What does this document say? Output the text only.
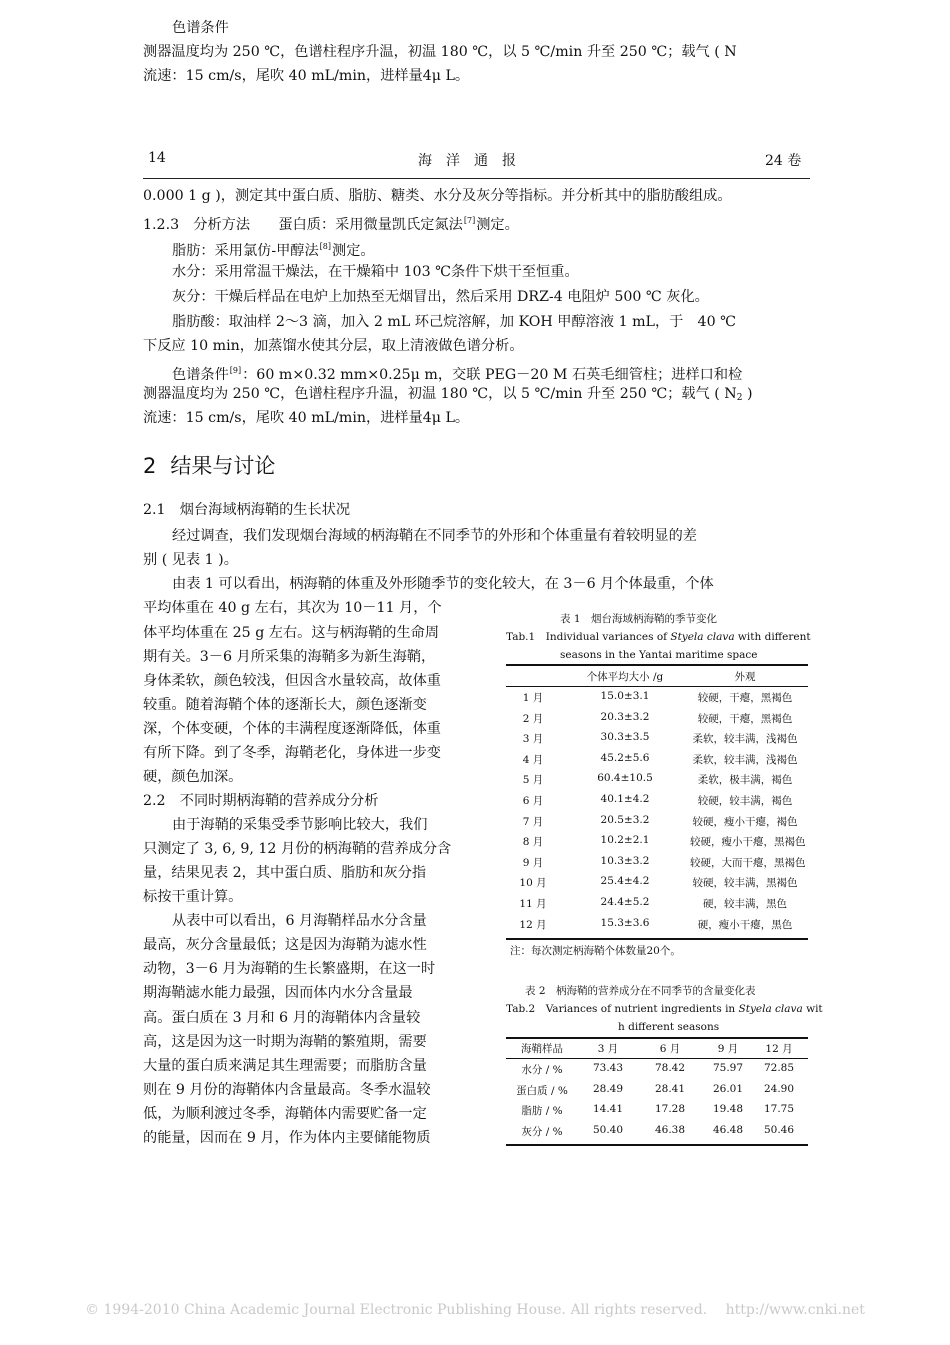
色谱条件
测器温度均为 250 ℃，色谱柱程序升温，初温 180 ℃，以 5 ℃/min 升至 250 ℃；载气 ( N
流速：15 cm/s，尾吹 40 mL/min，进样量4μ L。
14	海　洋　通　报	24 卷
0.000 1 g )，测定其中蛋白质、脂肪、糖类、水分及灰分等指标。并分析其中的脂肪酸组成。
1.2.3　分析方法　　蛋白质：采用微量凯氏定氮法[7]测定。
脂肪：采用氯仿-甲醇法[8]测定。
水分：采用常温干燥法，在干燥箱中 103 ℃条件下烘干至恒重。
灰分：干燥后样品在电炉上加热至无烟冒出，然后采用 DRZ-4 电阻炉 500 ℃ 灰化。
脂肪酸：取油样 2～3 滴，加入 2 mL 环己烷溶解，加 KOH 甲醇溶液 1 mL，于　40 ℃
下反应 10 min，加蒸馏水使其分层，取上清液做色谱分析。
色谱条件[9]：60 m×0.32 mm×0.25μ m，交联 PEG－20 M 石英毛细管柱；进样口和检
测器温度均为 250 ℃，色谱柱程序升温，初温 180 ℃，以 5 ℃/min 升至 250 ℃；载气 ( $N_2$ )
流速：15 cm/s，尾吹 40 mL/min，进样量4μ L。
2 结果与讨论
2.1　烟台海域柄海鞘的生长状况
经过调查，我们发现烟台海域的柄海鞘在不同季节的外形和个体重量有着较明显的差
别 ( 见表 1 )。
由表 1 可以看出，柄海鞘的体重及外形随季节的变化较大，在 3－6 月个体最重，个体
平均体重在 40 g 左右，其次为 10－11 月，个
体平均体重在 25 g 左右。这与柄海鞘的生命周
期有关。3－6 月所采集的海鞘多为新生海鞘，
身体柔软，颜色较浅，但因含水量较高，故体重
较重。随着海鞘个体的逐渐长大，颜色逐渐变
深，个体变硬，个体的丰满程度逐渐降低，体重
有所下降。到了冬季，海鞘老化，身体进一步变
硬，颜色加深。
2.2　不同时期柄海鞘的营养成分分析
由于海鞘的采集受季节影响比较大，我们
只测定了 3, 6, 9, 12 月份的柄海鞘的营养成分含
量，结果见表 2，其中蛋白质、脂肪和灰分指
标按干重计算。
从表中可以看出，6 月海鞘样品水分含量
最高，灰分含量最低；这是因为海鞘为滤水性
动物，3－6 月为海鞘的生长繁盛期，在这一时
期海鞘滤水能力最强，因而体内水分含量最
高。蛋白质在 3 月和 6 月的海鞘体内含量较
高，这是因为这一时期为海鞘的繁殖期，需要
大量的蛋白质来满足其生理需要；而脂肪含量
则在 9 月份的海鞘体内含量最高。冬季水温较
低，为顺利渡过冬季，海鞘体内需要贮备一定
的能量，因而在 9 月，作为体内主要储能物质
表 1　烟台海域柄海鞘的季节变化
Tab.1　Individual variances of Styela clava with different
seasons in the Yantai maritime space
个体平均大小 /g	外观
1 月	15.0±3.1	较硬，干瘪，黑褐色
2 月	20.3±3.2	较硬，干瘪，黑褐色
3 月	30.3±3.5	柔软，较丰满，浅褐色
4 月	45.2±5.6	柔软，较丰满，浅褐色
5 月	60.4±10.5	柔软，极丰满，褐色
6 月	40.1±4.2	较硬，较丰满，褐色
7 月	20.5±3.2	较硬，瘦小干瘪，褐色
8 月	10.2±2.1	较硬，瘦小干瘪，黑褐色
9 月	10.3±3.2	较硬，大而干瘪，黑褐色
10 月	25.4±4.2	较硬，较丰满，黑褐色
11 月	24.4±5.2	硬，较丰满，黑色
12 月	15.3±3.6	硬，瘦小干瘪，黑色
注：每次测定柄海鞘个体数量20个。
表 2　柄海鞘的营养成分在不同季节的含量变化表
Tab.2　Variances of nutrient ingredients in Styela clava wit
h different seasons
海鞘样品	3 月	6 月	9 月	12 月
水分 / %	73.43	78.42	75.97	72.85
蛋白质 / %	28.49	28.41	26.01	24.90
脂肪 / %	14.41	17.28	19.48	17.75
灰分 / %	50.40	46.38	46.48	50.46
© 1994-2010 China Academic Journal Electronic Publishing House. All rights reserved.　 http://www.cnki.net
